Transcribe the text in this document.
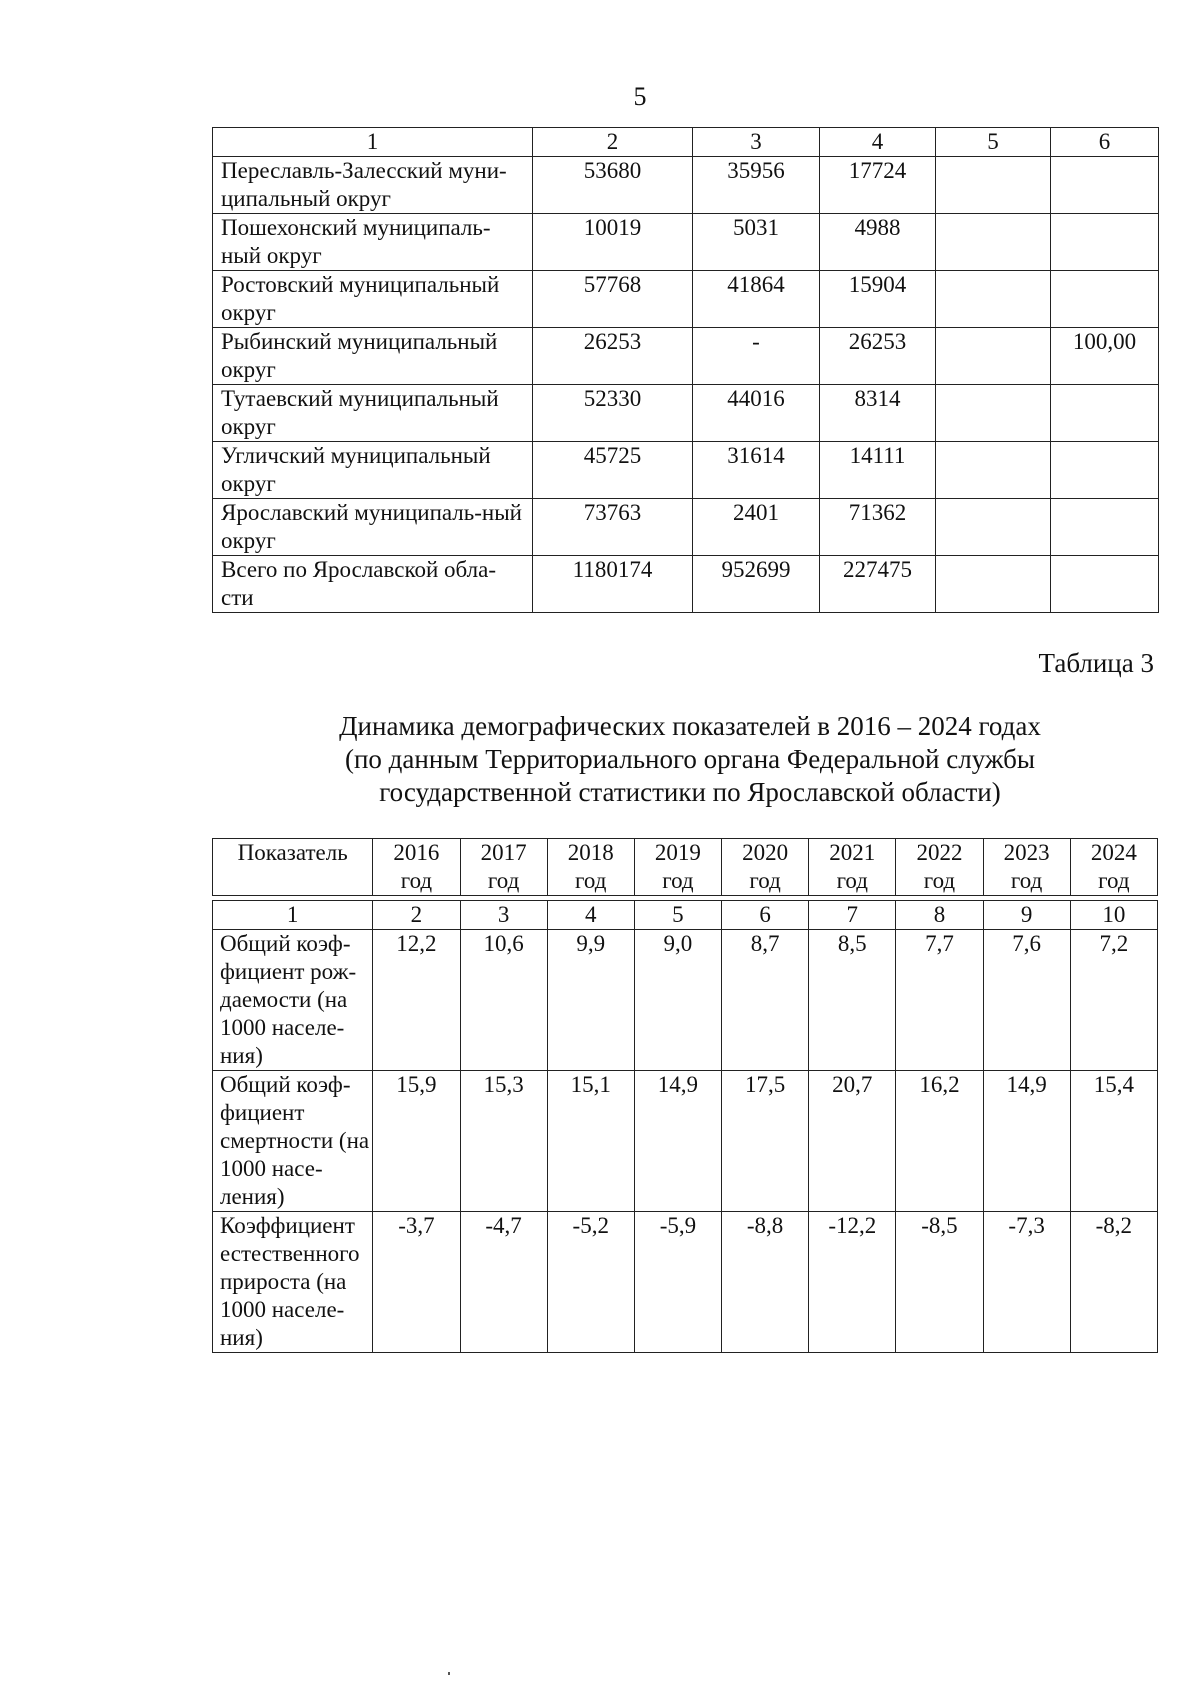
5
1	2	3	4	5	6
Переславль-Залесский муни-ципальный округ	53680	35956	17724		
Пошехонский муниципаль-ный округ	10019	5031	4988		
Ростовский муниципальный округ	57768	41864	15904		
Рыбинский муниципальный округ	26253	-	26253		100,00
Тутаевский муниципальный округ	52330	44016	8314		
Угличский муниципальный округ	45725	31614	14111		
Ярославский муниципаль-ный округ	73763	2401	71362		
Всего по Ярославской обла-сти	1180174	952699	227475		
Таблица 3
Динамика демографических показателей в 2016 – 2024 годах
(по данным Территориального органа Федеральной службы
государственной статистики по Ярославской области)
Показатель	2016 год	2017 год	2018 год	2019 год	2020 год	2021 год	2022 год	2023 год	2024 год

1	2	3	4	5	6	7	8	9	10
Общий коэф-фициент рож-даемости (на 1000 населе-ния)	12,2	10,6	9,9	9,0	8,7	8,5	7,7	7,6	7,2
Общий коэф-фициент смертности (на 1000 насе-ления)	15,9	15,3	15,1	14,9	17,5	20,7	16,2	14,9	15,4
Коэффициент естественного прироста (на 1000 населе-ния)	-3,7	-4,7	-5,2	-5,9	-8,8	-12,2	-8,5	-7,3	-8,2
